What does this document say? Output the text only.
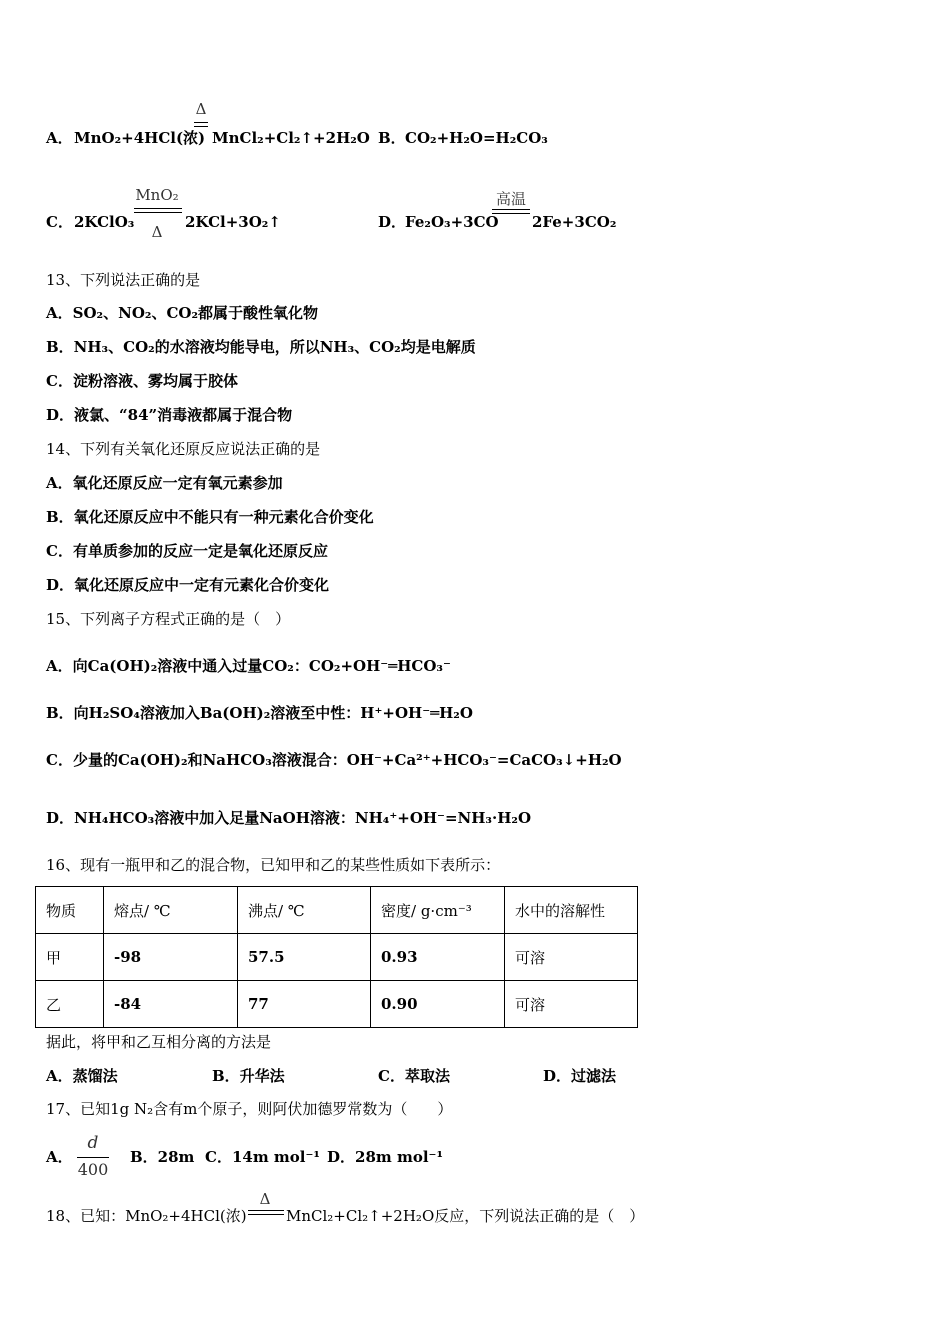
A． MnO₂+4HCl(浓)
Δ
MnCl₂+Cl₂↑+2H₂O B． CO₂+H₂O=H₂CO₃
C． 2KClO₃
MnO₂
Δ
2KCl+3O₂↑	D．
Fe₂O₃+3CO
高温
2Fe+3CO₂
13、下列说法正确的是
A．SO₂、NO₂、CO₂都属于酸性氧化物
B．NH₃、CO₂的水溶液均能导电，所以NH₃、CO₂均是电解质
C．淀粉溶液、雾均属于胶体
D．液氯、“84”消毒液都属于混合物
14、下列有关氧化还原反应说法正确的是
A．氧化还原反应一定有氧元素参加
B．氧化还原反应中不能只有一种元素化合价变化
C．有单质参加的反应一定是氧化还原反应
D．氧化还原反应中一定有元素化合价变化
15、下列离子方程式正确的是（　）
A．向Ca(OH)₂溶液中通入过量CO₂：CO₂+OH⁻═HCO₃⁻
B．向H₂SO₄溶液加入Ba(OH)₂溶液至中性：H⁺+OH⁻═H₂O
C．少量的Ca(OH)₂和NaHCO₃溶液混合：OH⁻+Ca²⁺+HCO₃⁻=CaCO₃↓+H₂O
D．NH₄HCO₃溶液中加入足量NaOH溶液：NH₄⁺+OH⁻=NH₃·H₂O
16、现有一瓶甲和乙的混合物，已知甲和乙的某些性质如下表所示：
物质	熔点/ ℃	沸点/ ℃	密度/ g·cm⁻³	水中的溶解性
甲	-98	57.5	0.93	可溶
乙	-84	77	0.90	可溶
据此，将甲和乙互相分离的方法是
A．蒸馏法	B．升华法	C．萃取法	D．过滤法
17、已知1g N₂含有m个原子，则阿伏加德罗常数为（　　）
A．
d
400
B．28m C．14m mol⁻¹ D．28m mol⁻¹
18、已知：MnO₂+4HCl(浓)
Δ
MnCl₂+Cl₂↑+2H₂O反应，下列说法正确的是（　）
